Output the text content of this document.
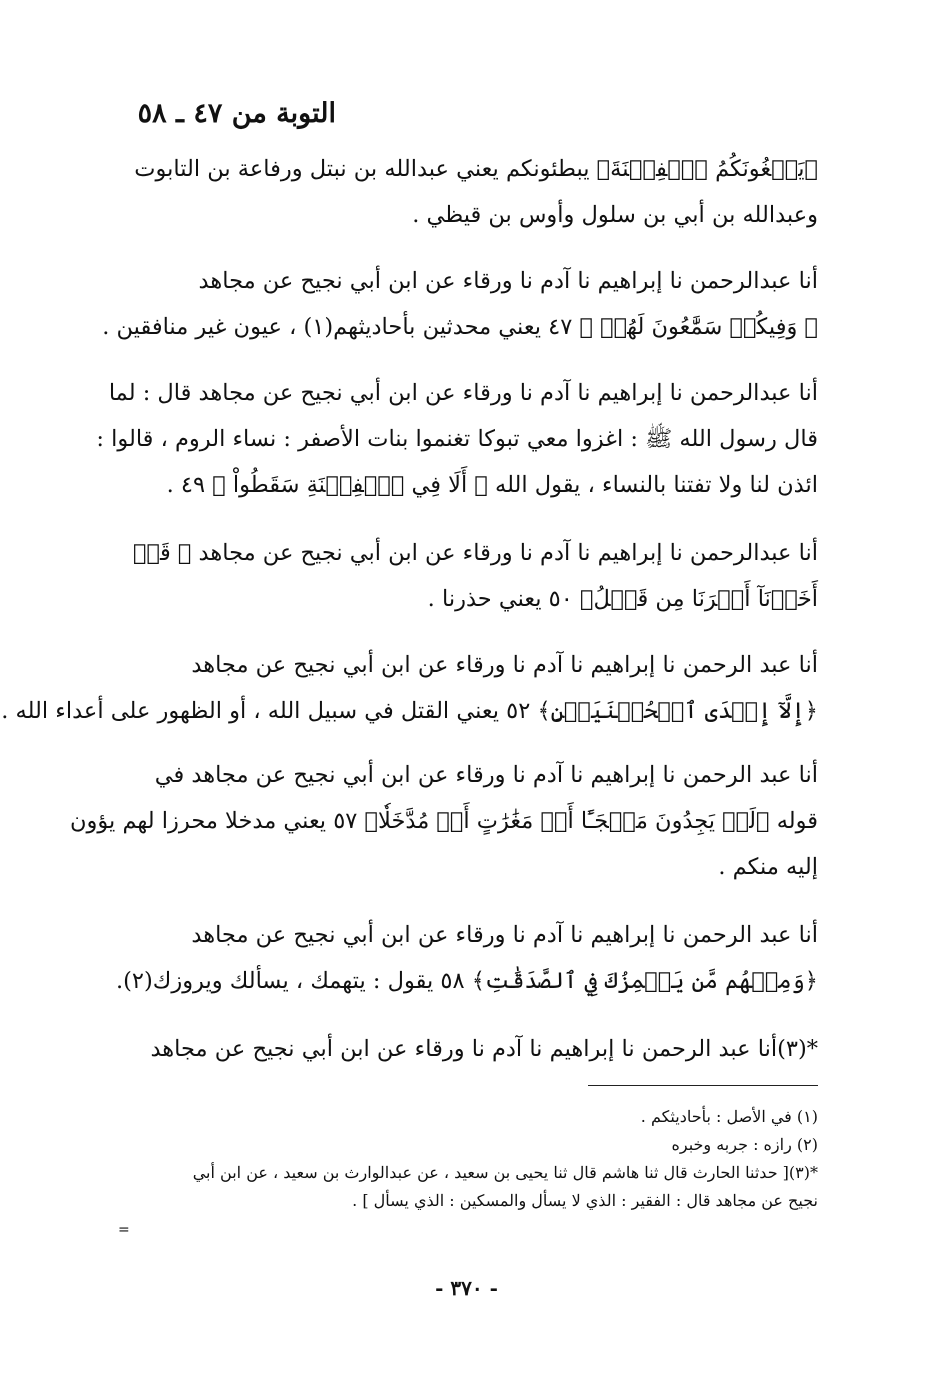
التوبة من ٤٧ ـ ٥٨
﴿يَبۡغُونَكُمُ ٱلۡفِتۡنَةَ﴾ يبطئونكم يعني عبدالله بن نبتل ورفاعة بن التابوت
وعبدالله بن أبي بن سلول وأوس بن قيظي .
أنا عبدالرحمن نا إبراهيم نا آدم نا ورقاء عن ابن أبي نجيح عن مجاهد
﴿ وَفِيكُمۡ سَمَّٰعُونَ لَهُمۡ ﴾ ٤٧ يعني محدثين بأحاديثهم(١) ، عيون غير منافقين .
أنا عبدالرحمن نا إبراهيم نا آدم نا ورقاء عن ابن أبي نجيح عن مجاهد قال : لما
قال رسول الله ﷺ : اغزوا معي تبوكا تغنموا بنات الأصفر : نساء الروم ، قالوا :
ائذن لنا ولا تفتنا بالنساء ، يقول الله ﴿ أَلَا فِي ٱلۡفِتۡنَةِ سَقَطُواْ ﴾ ٤٩ .
أنا عبدالرحمن نا إبراهيم نا آدم نا ورقاء عن ابن أبي نجيح عن مجاهد ﴿ قَدۡ
أَخَذۡنَآ أَمۡرَنَا مِن قَبۡلُ﴾ ٥٠ يعني حذرنا .
أنا عبد الرحمن نا إبراهيم نا آدم نا ورقاء عن ابن أبي نجيح عن مجاهد
﴿إِلَّآ إِحۡدَى ٱلۡحُسۡنَيَيۡنِ﴾ ٥٢ يعني القتل في سبيل الله ، أو الظهور على أعداء الله .
أنا عبد الرحمن نا إبراهيم نا آدم نا ورقاء عن ابن أبي نجيح عن مجاهد في
قوله ﴿لَوۡ يَجِدُونَ مَلۡجَـًٔا أَوۡ مَغَٰرَٰتٍ أَوۡ مُدَّخَلٗا﴾ ٥٧ يعني مدخلا محرزا لهم يؤون
إليه منكم .
أنا عبد الرحمن نا إبراهيم نا آدم نا ورقاء عن ابن أبي نجيح عن مجاهد
﴿وَمِنۡهُم مَّن يَلۡمِزُكَ فِي ٱلصَّدَقَٰتِ﴾ ٥٨ يقول : يتهمك ، يسألك ويروزك(٢).
*(٣)أنا عبد الرحمن نا إبراهيم نا آدم نا ورقاء عن ابن أبي نجيح عن مجاهد
(١) في الأصل : بأحاديثكم .
(٢) رازه : جربه وخبره
*(٣)[ حدثنا الحارث قال ثنا هاشم قال ثنا يحيى بن سعيد ، عن عبدالوارث بن سعيد ، عن ابن أبي
نجيح عن مجاهد قال : الفقير : الذي لا يسأل والمسكين : الذي يسأل ] .
=
- ٣٧٠ -
